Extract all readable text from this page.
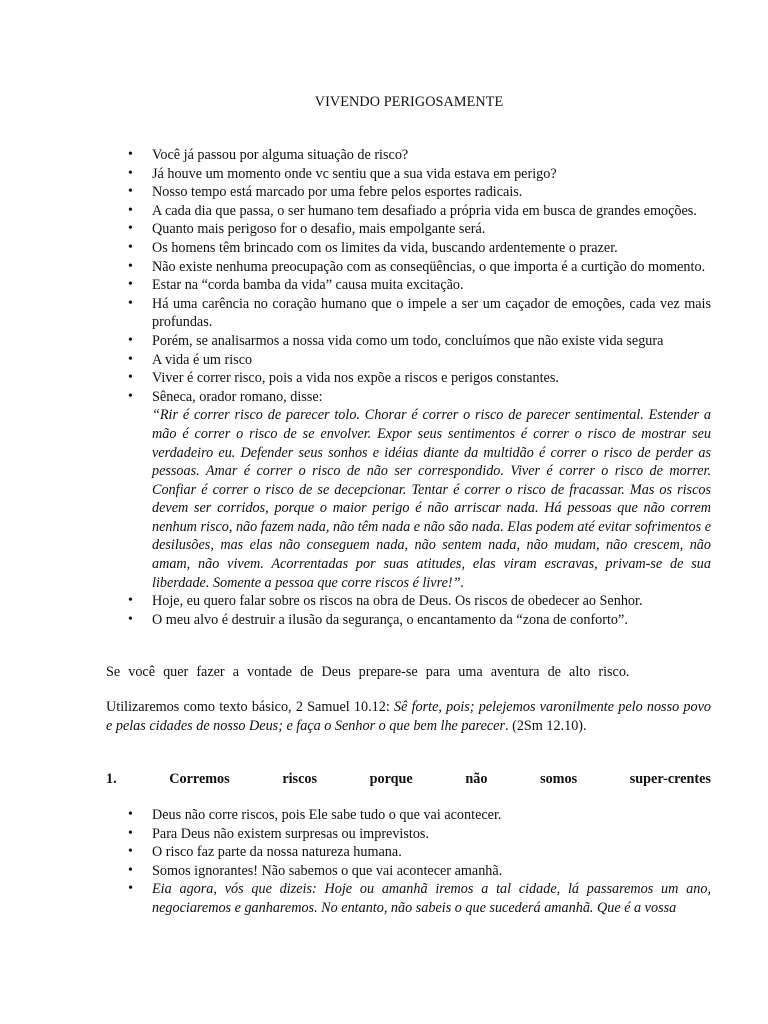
VIVENDO PERIGOSAMENTE
• Você já passou por alguma situação de risco?
• Já houve um momento onde vc sentiu que a sua vida estava em perigo?
• Nosso tempo está marcado por uma febre pelos esportes radicais.
• A cada dia que passa, o ser humano tem desafiado a própria vida em busca de grandes emoções.
• Quanto mais perigoso for o desafio, mais empolgante será.
• Os homens têm brincado com os limites da vida, buscando ardentemente o prazer.
• Não existe nenhuma preocupação com as conseqüências, o que importa é a curtição do momento.
• Estar na “corda bamba da vida” causa muita excitação.
• Há uma carência no coração humano que o impele a ser um caçador de emoções, cada vez mais profundas.
• Porém, se analisarmos a nossa vida como um todo, concluímos que não existe vida segura
• A vida é um risco
• Viver é correr risco, pois a vida nos expõe a riscos e perigos constantes.
• Sêneca, orador romano, disse:
“Rir é correr risco de parecer tolo. Chorar é correr o risco de parecer sentimental. Estender a mão é correr o risco de se envolver. Expor seus sentimentos é correr o risco de mostrar seu verdadeiro eu. Defender seus sonhos e idéias diante da multidão é correr o risco de perder as pessoas. Amar é correr o risco de não ser correspondido. Viver é correr o risco de morrer. Confiar é correr o risco de se decepcionar. Tentar é correr o risco de fracassar. Mas os riscos devem ser corridos, porque o maior perigo é não arriscar nada. Há pessoas que não correm nenhum risco, não fazem nada, não têm nada e não são nada. Elas podem até evitar sofrimentos e desilusões, mas elas não conseguem nada, não sentem nada, não mudam, não crescem, não amam, não vivem. Acorrentadas por suas atitudes, elas viram escravas, privam-se de sua liberdade. Somente a pessoa que corre riscos é livre!”.
• Hoje, eu quero falar sobre os riscos na obra de Deus. Os riscos de obedecer ao Senhor.
• O meu alvo é destruir a ilusão da segurança, o encantamento da “zona de conforto”.
Se você quer fazer a vontade de Deus prepare-se para uma aventura de alto risco.
Utilizaremos como texto básico, 2 Samuel 10.12: Sê forte, pois; pelejemos varonilmente pelo nosso povo e pelas cidades de nosso Deus; e faça o Senhor o que bem lhe parecer. (2Sm 12.10).
1.	Corremos	riscos	porque	não	somos	super-crentes
• Deus não corre riscos, pois Ele sabe tudo o que vai acontecer.
• Para Deus não existem surpresas ou imprevistos.
• O risco faz parte da nossa natureza humana.
• Somos ignorantes! Não sabemos o que vai acontecer amanhã.
• Eia agora, vós que dizeis: Hoje ou amanhã iremos a tal cidade, lá passaremos um ano, negociaremos e ganharemos. No entanto, não sabeis o que sucederá amanhã. Que é a vossa
